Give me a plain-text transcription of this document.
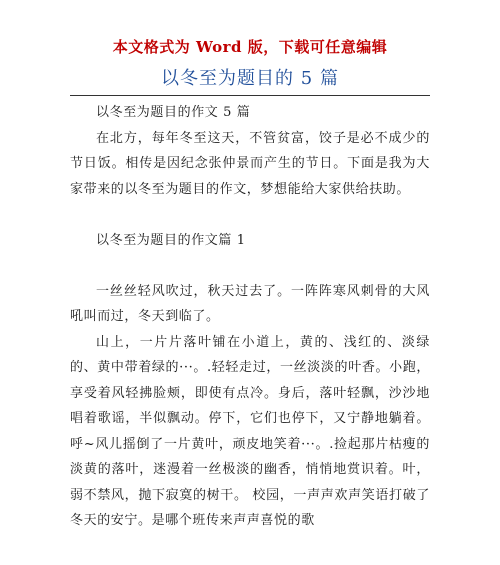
本文格式为 Word 版，下载可任意编辑
以冬至为题目的 5 篇

以冬至为题目的作文 5 篇

在北方，每年冬至这天，不管贫富，饺子是必不成少的节日饭。相传是因纪念张仲景而产生的节日。下面是我为大家带来的以冬至为题目的作文，梦想能给大家供给扶助。

以冬至为题目的作文篇 1

一丝丝轻风吹过，秋天过去了。一阵阵寒风刺骨的大风吼叫而过，冬天到临了。

山上，一片片落叶铺在小道上，黄的、浅红的、淡绿的、黄中带着绿的···。.轻轻走过，一丝淡淡的叶香。小跑，享受着风轻拂脸颊，即使有点冷。身后，落叶轻飘，沙沙地唱着歌谣，半似飘动。停下，它们也停下，又宁静地躺着。呼~风儿摇倒了一片黄叶，顽皮地笑着···。.捡起那片枯瘦的淡黄的落叶，迷漫着一丝极淡的幽香，悄悄地赏识着。叶，弱不禁风，抛下寂寞的树干。 校园，一声声欢声笑语打破了冬天的安宁。是哪个班传来声声喜悦的歌
